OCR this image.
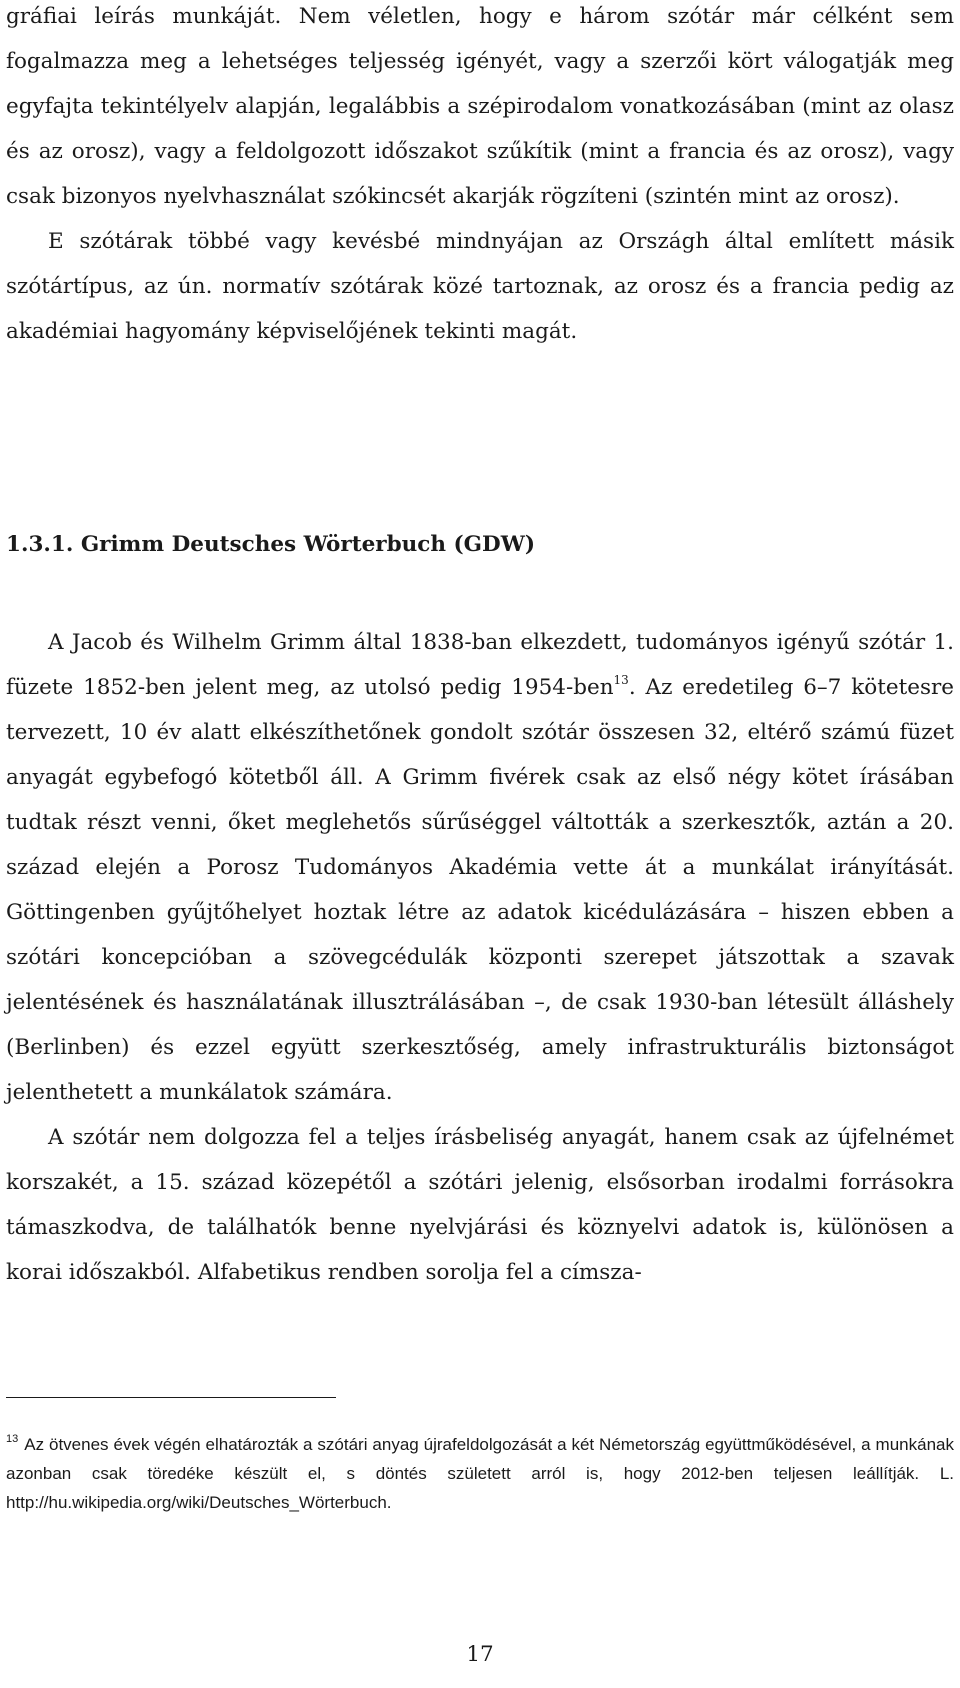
gráfiai leírás munkáját. Nem véletlen, hogy e három szótár már célként sem fogalmazza meg a lehetséges teljesség igényét, vagy a szerzői kört válogatják meg egyfajta tekintélyelv alapján, legalábbis a szépirodalom vonatkozásában (mint az olasz és az orosz), vagy a feldolgozott időszakot szűkítik (mint a francia és az orosz), vagy csak bizonyos nyelvhasználat szókincsét akarják rögzíteni (szintén mint az orosz).

E szótárak többé vagy kevésbé mindnyájan az Országh által említett másik szótártípus, az ún. normatív szótárak közé tartoznak, az orosz és a francia pedig az akadémiai hagyomány képviselőjének tekinti magát.

1.3.1. Grimm Deutsches Wörterbuch (GDW)

A Jacob és Wilhelm Grimm által 1838-ban elkezdett, tudományos igényű szótár 1. füzete 1852-ben jelent meg, az utolsó pedig 1954-ben$^{13}$. Az eredetileg 6–7 kötetesre tervezett, 10 év alatt elkészíthetőnek gondolt szótár összesen 32, eltérő számú füzet anyagát egybefogó kötetből áll. A Grimm fivérek csak az első négy kötet írásában tudtak részt venni, őket meglehetős sűrűséggel váltották a szerkesztők, aztán a 20. század elején a Porosz Tudományos Akadémia vette át a munkálat irányítását. Göttingenben gyűjtőhelyet hoztak létre az adatok kicédulázására – hiszen ebben a szótári koncepcióban a szövegcédulák központi szerepet játszottak a szavak jelentésének és használatának illusztrálásában –, de csak 1930-ban létesült álláshely (Berlinben) és ezzel együtt szerkesztőség, amely infrastrukturális biztonságot jelenthetett a munkálatok számára.

A szótár nem dolgozza fel a teljes írásbeliség anyagát, hanem csak az újfelnémet korszakét, a 15. század közepétől a szótári jelenig, elsősorban irodalmi forrásokra támaszkodva, de találhatók benne nyelvjárási és köznyelvi adatok is, különösen a korai időszakból. Alfabetikus rendben sorolja fel a címsza-

$^{13}$ Az ötvenes évek végén elhatározták a szótári anyag újrafeldolgozását a két Németország együttműködésével, a munkának azonban csak töredéke készült el, s döntés született arról is, hogy 2012-ben teljesen leállítják. L. http://hu.wikipedia.org/wiki/Deutsches_Wörterbuch.

17
